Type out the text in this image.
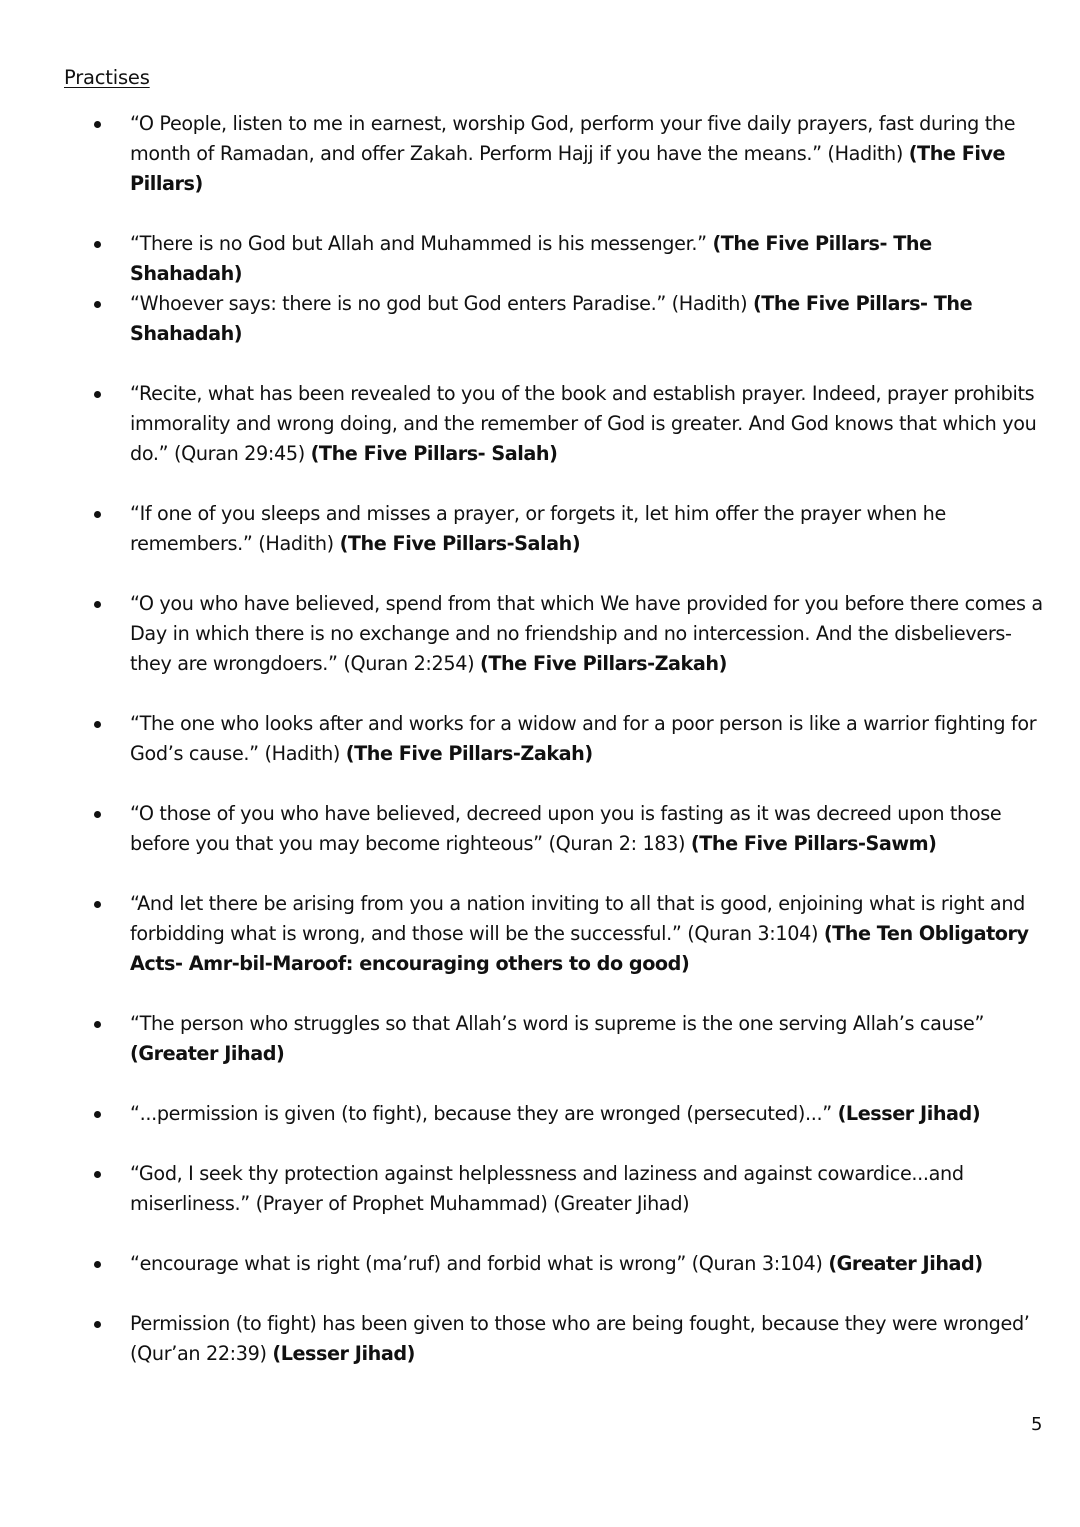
Practises
“O People, listen to me in earnest, worship God, perform your five daily prayers, fast during the month of Ramadan, and offer Zakah. Perform Hajj if you have the means.” (Hadith) (The Five Pillars)
“There is no God but Allah and Muhammed is his messenger.” (The Five Pillars- The Shahadah)
“Whoever says: there is no god but God enters Paradise.” (Hadith) (The Five Pillars- The Shahadah)
“Recite, what has been revealed to you of the book and establish prayer. Indeed, prayer prohibits immorality and wrong doing, and the remember of God is greater. And God knows that which you do.” (Quran 29:45) (The Five Pillars- Salah)
“If one of you sleeps and misses a prayer, or forgets it, let him offer the prayer when he remembers.” (Hadith) (The Five Pillars-Salah)
“O you who have believed, spend from that which We have provided for you before there comes a Day in which there is no exchange and no friendship and no intercession. And the disbelievers- they are wrongdoers.” (Quran 2:254) (The Five Pillars-Zakah)
“The one who looks after and works for a widow and for a poor person is like a warrior fighting for God’s cause.” (Hadith) (The Five Pillars-Zakah)
“O those of you who have believed, decreed upon you is fasting as it was decreed upon those before you that you may become righteous” (Quran 2: 183) (The Five Pillars-Sawm)
“And let there be arising from you a nation inviting to all that is good, enjoining what is right and forbidding what is wrong, and those will be the successful.” (Quran 3:104) (The Ten Obligatory Acts- Amr-bil-Maroof: encouraging others to do good)
“The person who struggles so that Allah’s word is supreme is the one serving Allah’s cause” (Greater Jihad)
“...permission is given (to fight), because they are wronged (persecuted)...” (Lesser Jihad)
“God, I seek thy protection against helplessness and laziness and against cowardice...and miserliness.” (Prayer of Prophet Muhammad) (Greater Jihad)
“encourage what is right (ma’ruf) and forbid what is wrong” (Quran 3:104) (Greater Jihad)
Permission (to fight) has been given to those who are being fought, because they were wronged’ (Qur’an 22:39) (Lesser Jihad)
5
